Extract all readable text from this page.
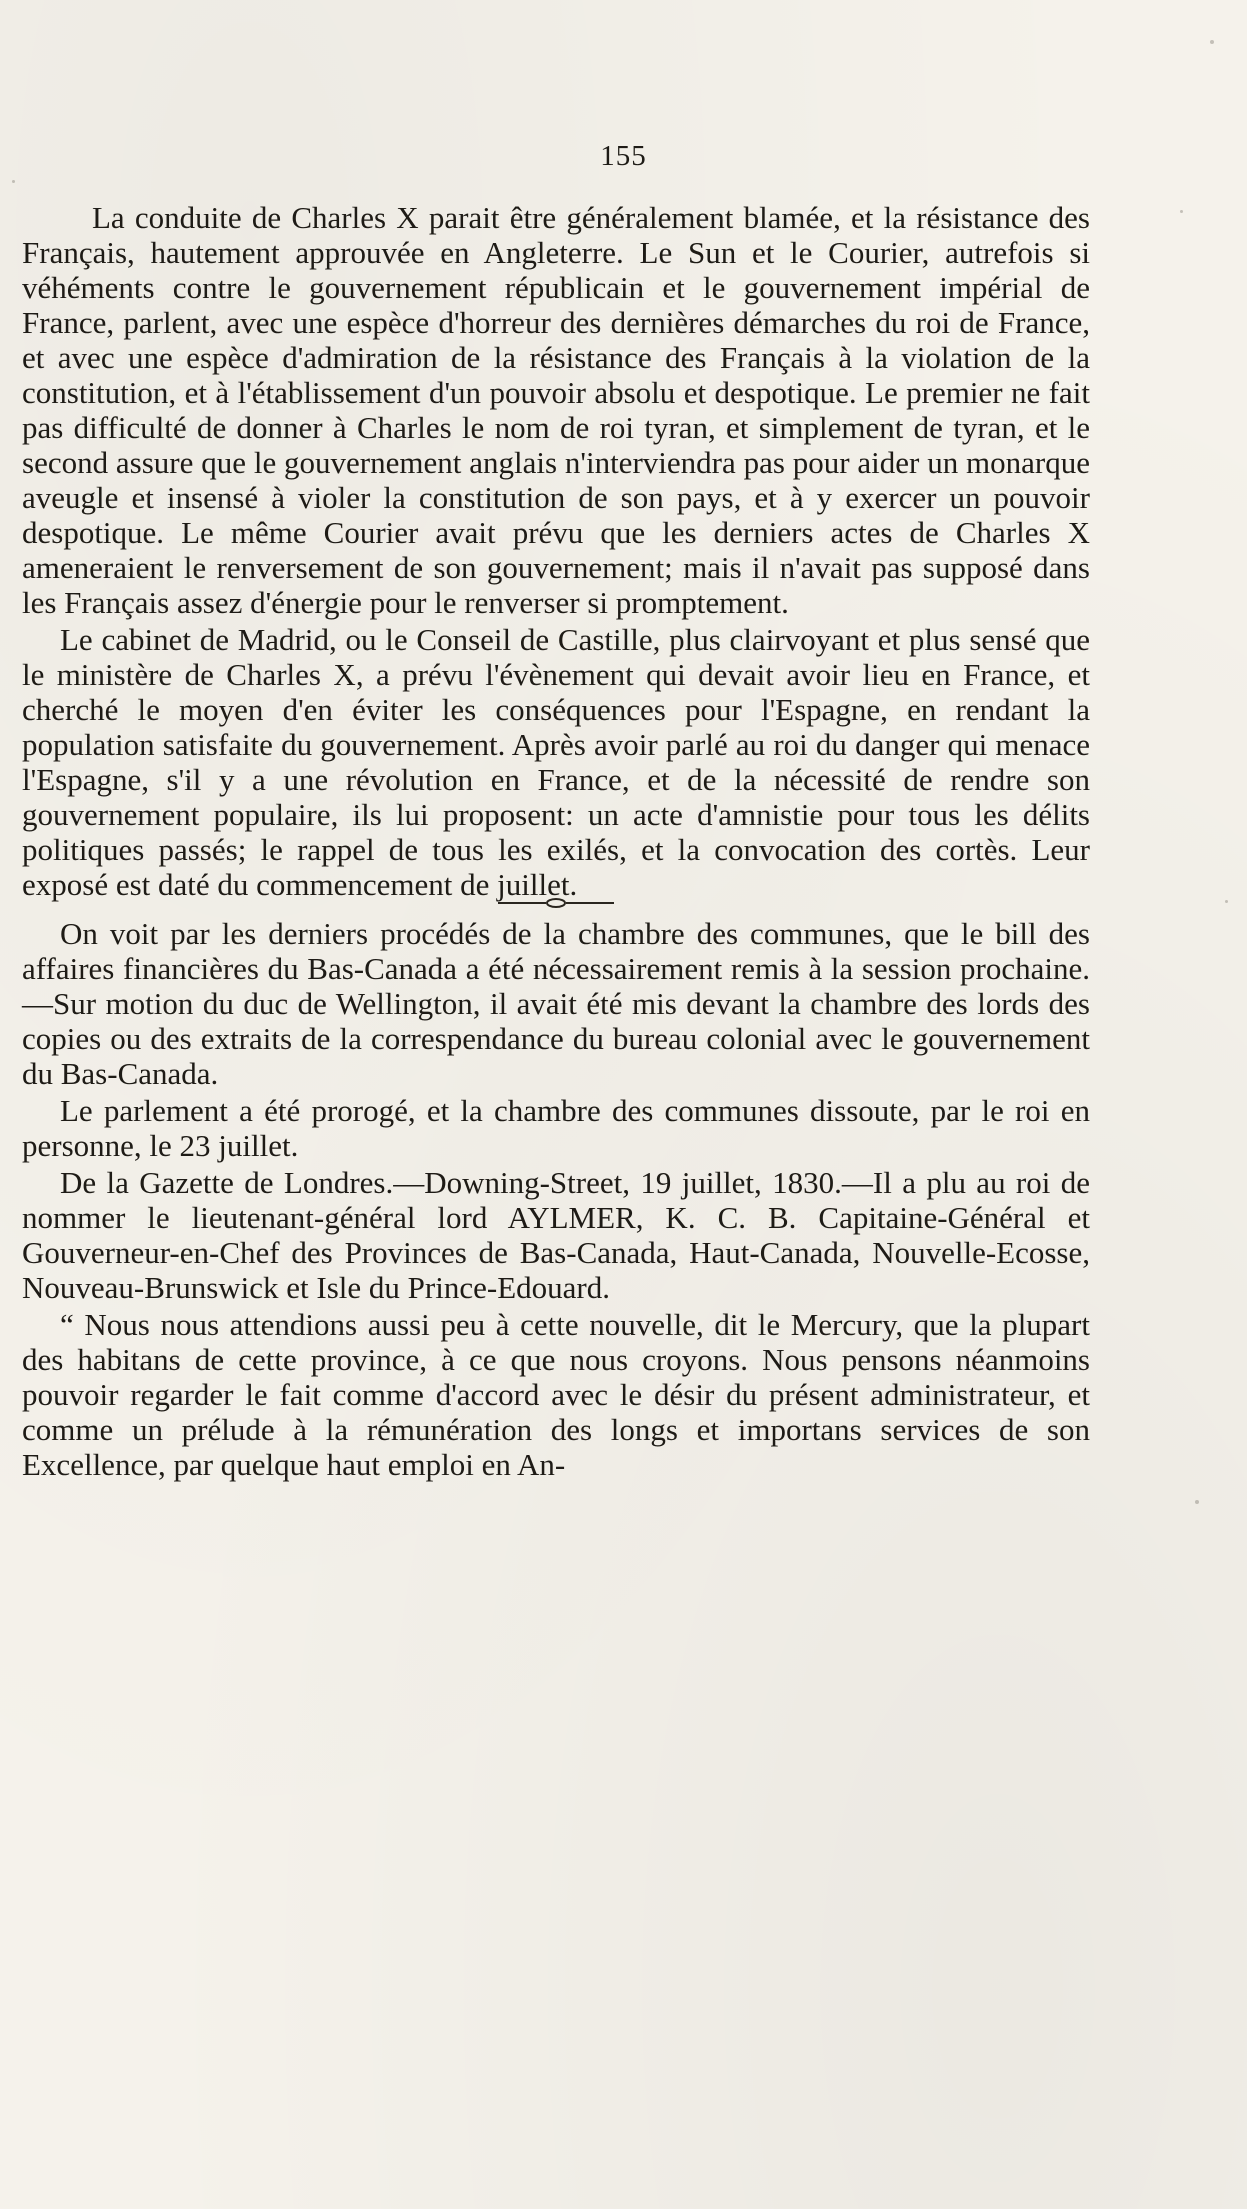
155

La conduite de Charles X parait être généralement blamée, et la résistance des Français, hautement approuvée en Angleterre. Le Sun et le Courier, autrefois si véhéments contre le gouvernement républicain et le gouvernement impérial de France, parlent, avec une espèce d'horreur des dernières démarches du roi de France, et avec une espèce d'admiration de la résistance des Français à la violation de la constitution, et à l'établissement d'un pouvoir absolu et despotique. Le premier ne fait pas difficulté de donner à Charles le nom de roi tyran, et simplement de tyran, et le second assure que le gouvernement anglais n'interviendra pas pour aider un monarque aveugle et insensé à violer la constitution de son pays, et à y exercer un pouvoir despotique. Le même Courier avait prévu que les derniers actes de Charles X ameneraient le renversement de son gouvernement; mais il n'avait pas supposé dans les Français assez d'énergie pour le renverser si promptement.

Le cabinet de Madrid, ou le Conseil de Castille, plus clairvoyant et plus sensé que le ministère de Charles X, a prévu l'évènement qui devait avoir lieu en France, et cherché le moyen d'en éviter les conséquences pour l'Espagne, en rendant la population satisfaite du gouvernement. Après avoir parlé au roi du danger qui menace l'Espagne, s'il y a une révolution en France, et de la nécessité de rendre son gouvernement populaire, ils lui proposent: un acte d'amnistie pour tous les délits politiques passés; le rappel de tous les exilés, et la convocation des cortès. Leur exposé est daté du commencement de juillet.

On voit par les derniers procédés de la chambre des communes, que le bill des affaires financières du Bas-Canada a été nécessairement remis à la session prochaine.—Sur motion du duc de Wellington, il avait été mis devant la chambre des lords des copies ou des extraits de la correspendance du bureau colonial avec le gouvernement du Bas-Canada.

Le parlement a été prorogé, et la chambre des communes dissoute, par le roi en personne, le 23 juillet.

De la Gazette de Londres.—Downing-Street, 19 juillet, 1830.—Il a plu au roi de nommer le lieutenant-général lord AYLMER, K. C. B. Capitaine-Général et Gouverneur-en-Chef des Provinces de Bas-Canada, Haut-Canada, Nouvelle-Ecosse, Nouveau-Brunswick et Isle du Prince-Edouard.

“ Nous nous attendions aussi peu à cette nouvelle, dit le Mercury, que la plupart des habitans de cette province, à ce que nous croyons. Nous pensons néanmoins pouvoir regarder le fait comme d'accord avec le désir du présent administrateur, et comme un prélude à la rémunération des longs et importans services de son Excellence, par quelque haut emploi en An-
